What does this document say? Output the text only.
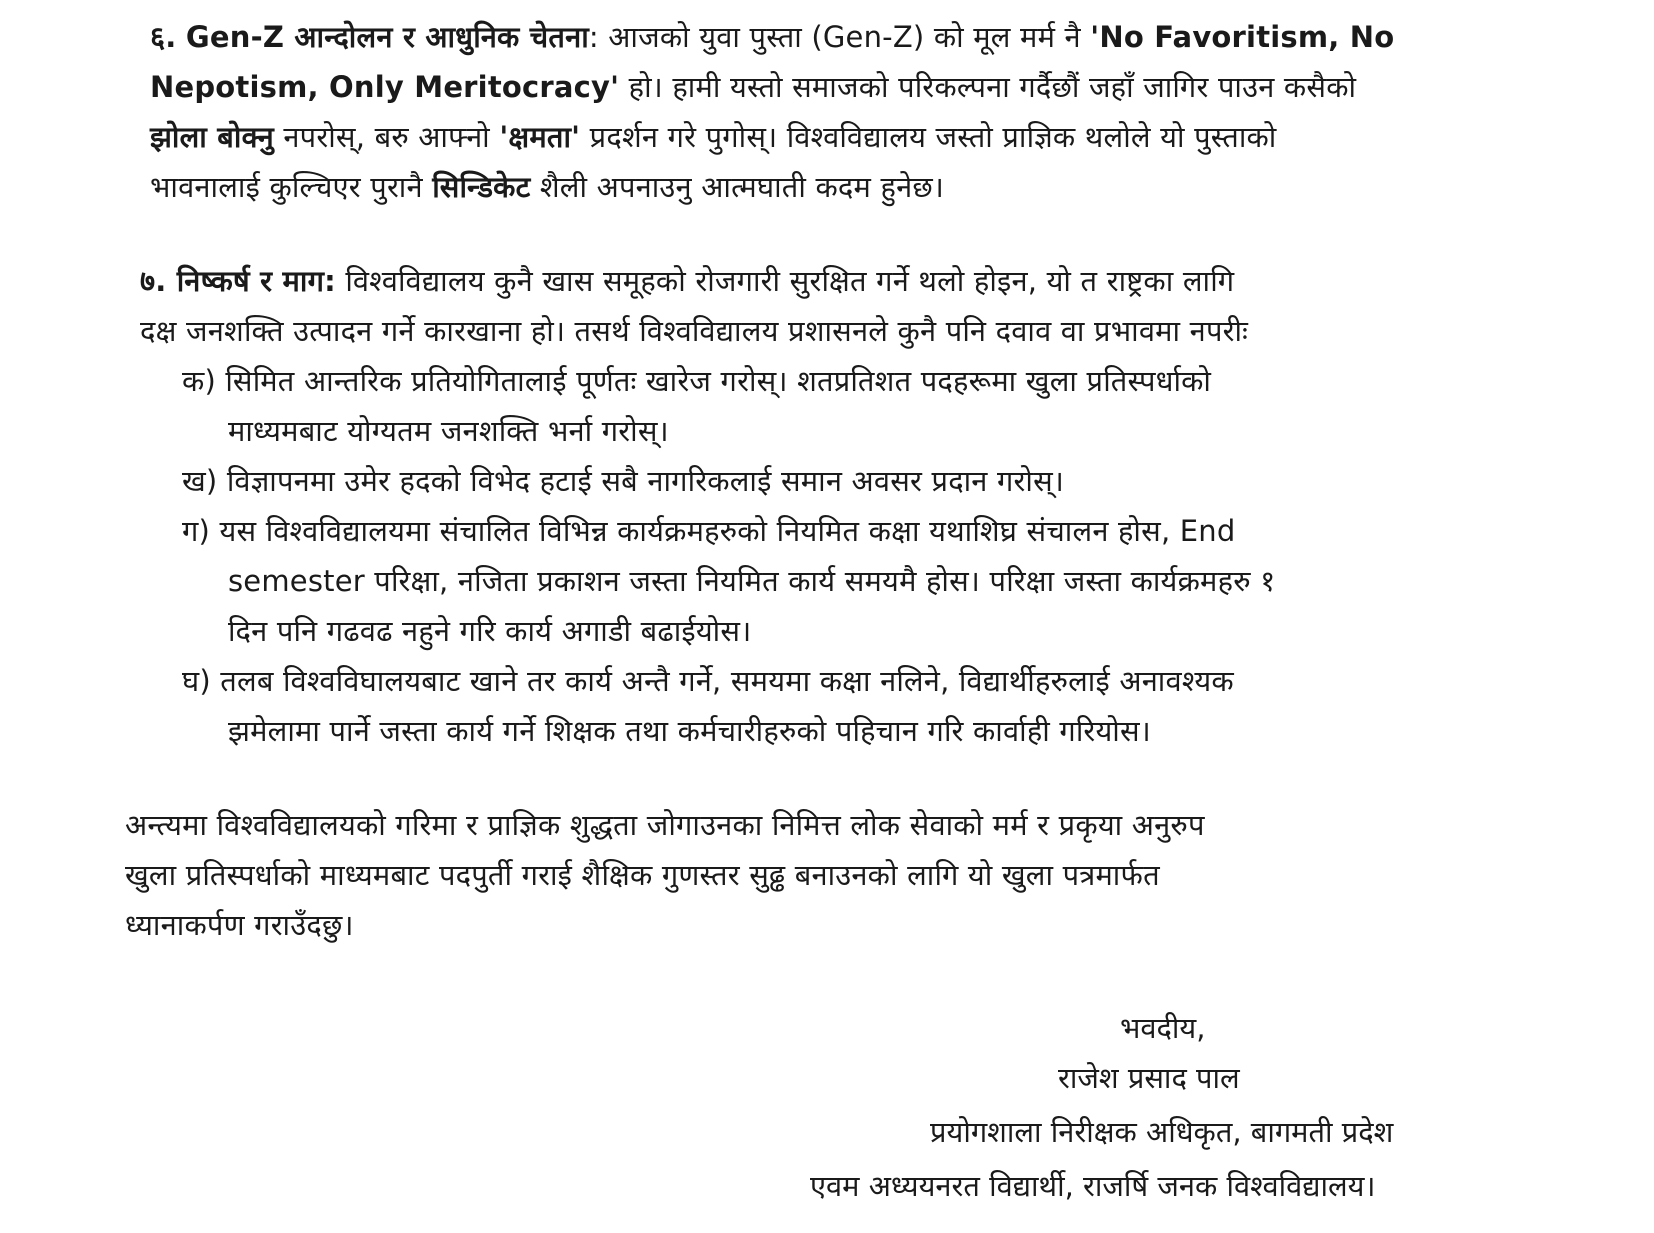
६. Gen-Z आन्दोलन र आधुनिक चेतना: आजको युवा पुस्ता (Gen-Z) को मूल मर्म नै 'No Favoritism, No
Nepotism, Only Meritocracy' हो। हामी यस्तो समाजको परिकल्पना गर्दैछौं जहाँ जागिर पाउन कसैको
झोला बोक्नु नपरोस्, बरु आफ्नो 'क्षमता' प्रदर्शन गरे पुगोस्। विश्वविद्यालय जस्तो प्राज्ञिक थलोले यो पुस्ताको
भावनालाई कुल्चिएर पुरानै सिन्डिकेट शैली अपनाउनु आत्मघाती कदम हुनेछ।
७. निष्कर्ष र माग: विश्वविद्यालय कुनै खास समूहको रोजगारी सुरक्षित गर्ने थलो होइन, यो त राष्ट्रका लागि
दक्ष जनशक्ति उत्पादन गर्ने कारखाना हो। तसर्थ विश्वविद्यालय प्रशासनले कुनै पनि दवाव वा प्रभावमा नपरीः
क) सिमित आन्तरिक प्रतियोगितालाई पूर्णतः खारेज गरोस्। शतप्रतिशत पदहरूमा खुला प्रतिस्पर्धाको
माध्यमबाट योग्यतम जनशक्ति भर्ना गरोस्।
ख) विज्ञापनमा उमेर हदको विभेद हटाई सबै नागरिकलाई समान अवसर प्रदान गरोस्।
ग) यस विश्वविद्यालयमा संचालित विभिन्न कार्यक्रमहरुको नियमित कक्षा यथाशिघ्र संचालन होस, End
semester परिक्षा, नजिता प्रकाशन जस्ता नियमित कार्य समयमै होस। परिक्षा जस्ता कार्यक्रमहरु १
दिन पनि गढवढ नहुने गरि कार्य अगाडी बढाईयोस।
घ) तलब विश्वविघालयबाट खाने तर कार्य अन्तै गर्ने, समयमा कक्षा नलिने, विद्यार्थीहरुलाई अनावश्यक
झमेलामा पार्ने जस्ता कार्य गर्ने शिक्षक तथा कर्मचारीहरुको पहिचान गरि कार्वाही गरियोस।
अन्त्यमा विश्वविद्यालयको गरिमा र प्राज्ञिक शुद्धता जोगाउनका निमित्त लोक सेवाको मर्म र प्रकृया अनुरुप
खुला प्रतिस्पर्धाको माध्यमबाट पदपुर्ती गराई शैक्षिक गुणस्तर सुढ्ढ बनाउनको लागि यो खुला पत्रमार्फत
ध्यानाकर्पण गराउँदछु।
भवदीय,
राजेश प्रसाद पाल
प्रयोगशाला निरीक्षक अधिकृत, बागमती प्रदेश
एवम अध्ययनरत विद्यार्थी, राजर्षि जनक विश्वविद्यालय।
